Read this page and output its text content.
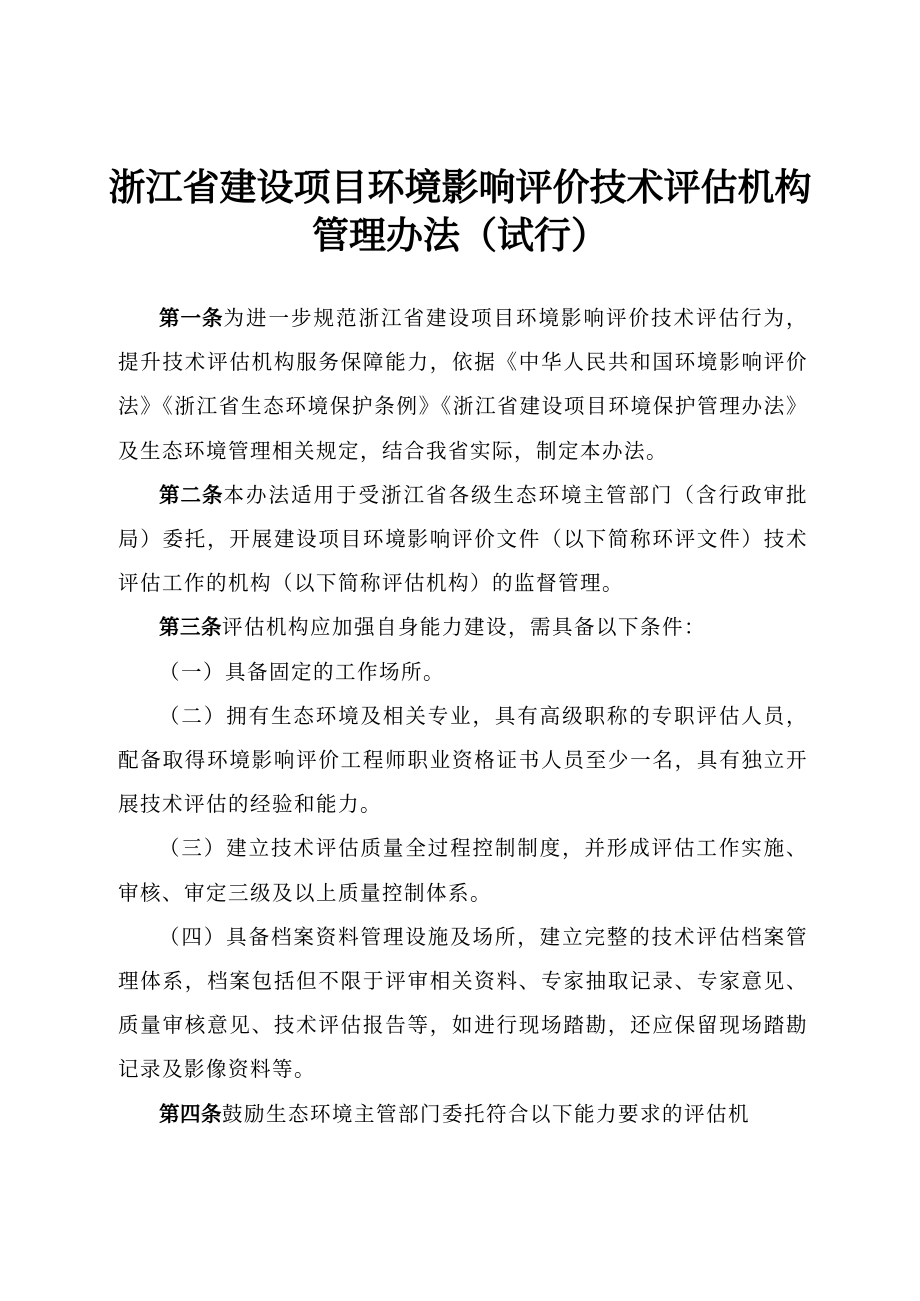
浙江省建设项目环境影响评价技术评估机构
管理办法（试行）

第一条为进一步规范浙江省建设项目环境影响评价技术评估行为，提升技术评估机构服务保障能力，依据《中华人民共和国环境影响评价法》《浙江省生态环境保护条例》《浙江省建设项目环境保护管理办法》及生态环境管理相关规定，结合我省实际，制定本办法。

第二条本办法适用于受浙江省各级生态环境主管部门（含行政审批局）委托，开展建设项目环境影响评价文件（以下简称环评文件）技术评估工作的机构（以下简称评估机构）的监督管理。

第三条评估机构应加强自身能力建设，需具备以下条件：

（一）具备固定的工作场所。

（二）拥有生态环境及相关专业，具有高级职称的专职评估人员，配备取得环境影响评价工程师职业资格证书人员至少一名，具有独立开展技术评估的经验和能力。

（三）建立技术评估质量全过程控制制度，并形成评估工作实施、审核、审定三级及以上质量控制体系。

（四）具备档案资料管理设施及场所，建立完整的技术评估档案管理体系，档案包括但不限于评审相关资料、专家抽取记录、专家意见、质量审核意见、技术评估报告等，如进行现场踏勘，还应保留现场踏勘记录及影像资料等。

第四条鼓励生态环境主管部门委托符合以下能力要求的评估机
